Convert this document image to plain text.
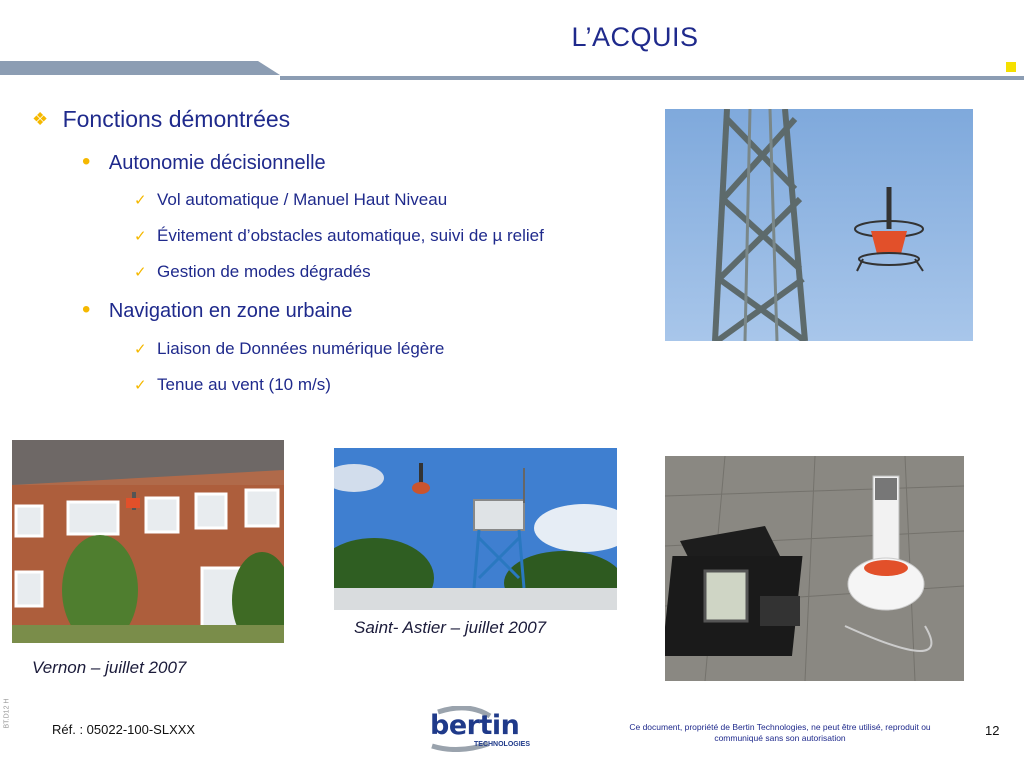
L’ACQUIS
❖ Fonctions démontrées
• Autonomie décisionnelle
✓ Vol automatique / Manuel Haut Niveau
✓ Évitement d’obstacles automatique, suivi de µ relief
✓ Gestion de modes dégradés
• Navigation en zone urbaine
✓ Liaison de Données numérique légère
✓ Tenue au vent (10 m/s)
Vernon – juillet 2007
Saint- Astier – juillet 2007
BT.D12 H
Réf. : 05022-100-SLXXX	bertin
TECHNOLOGIES
Ce document, propriété de Bertin Technologies, ne peut être utilisé, reproduit ou communiqué sans son autorisation	12
